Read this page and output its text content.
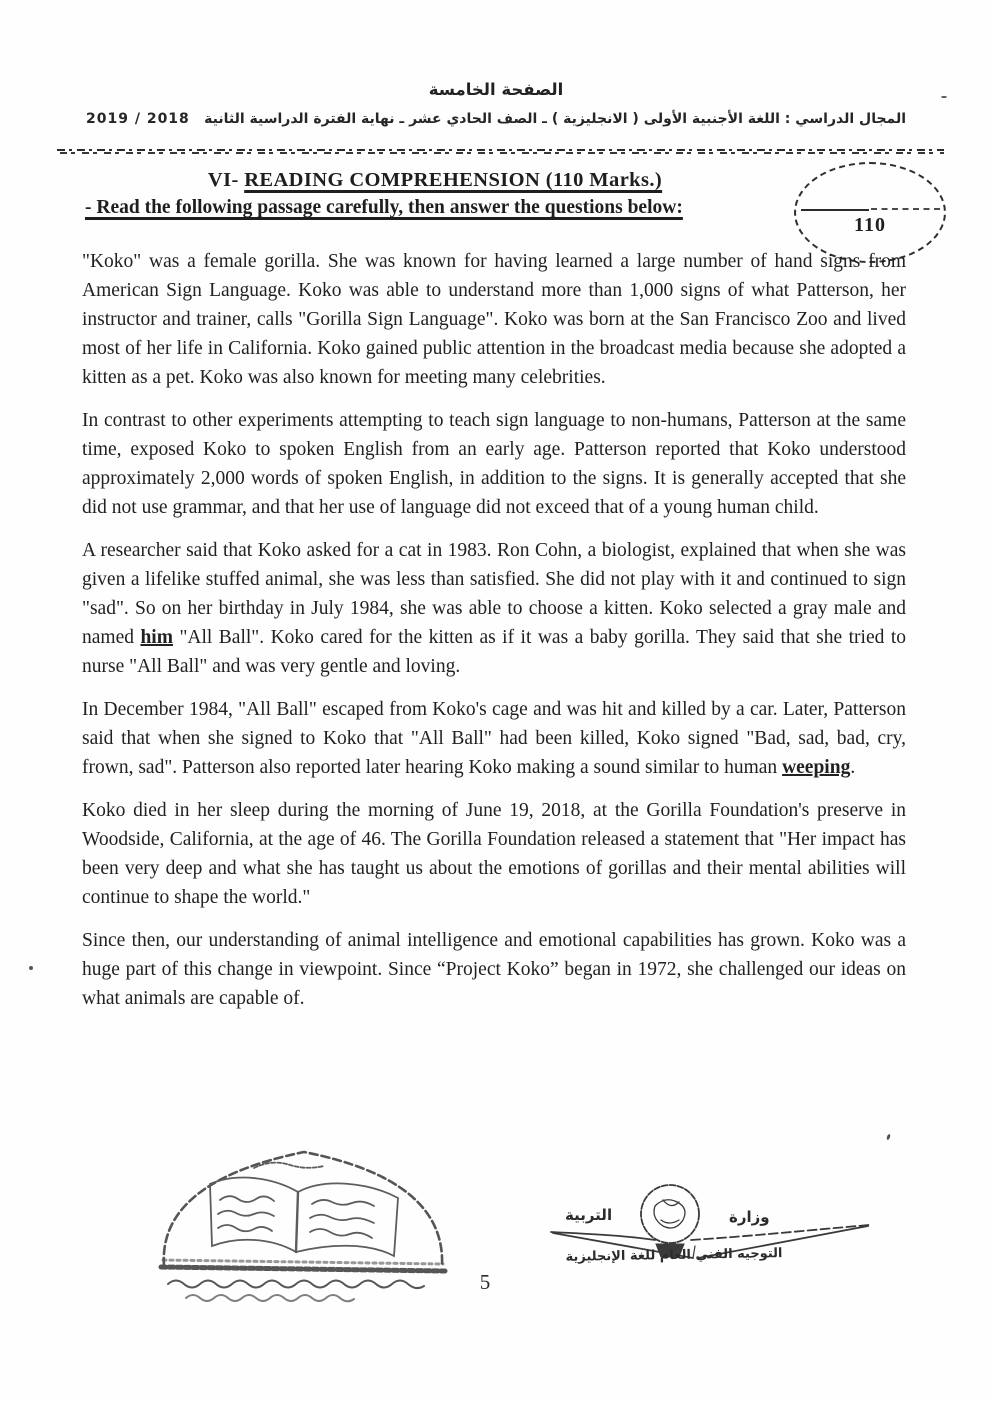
الصفحة الخامسة
2019 / 2018 المجال الدراسي : اللغة الأجنبية الأولى ( الانجليزية ) ـ الصف الحادي عشر ـ نهاية الفترة الدراسية الثانية
110
VI- READING COMPREHENSION (110 Marks.)
- Read the following passage carefully, then answer the questions below:

"Koko" was a female gorilla. She was known for having learned a large number of hand signs from American Sign Language. Koko was able to understand more than 1,000 signs of what Patterson, her instructor and trainer, calls "Gorilla Sign Language". Koko was born at the San Francisco Zoo and lived most of her life in California. Koko gained public attention in the broadcast media because she adopted a kitten as a pet. Koko was also known for meeting many celebrities.

In contrast to other experiments attempting to teach sign language to non-humans, Patterson at the same time, exposed Koko to spoken English from an early age. Patterson reported that Koko understood approximately 2,000 words of spoken English, in addition to the signs. It is generally accepted that she did not use grammar, and that her use of language did not exceed that of a young human child.

A researcher said that Koko asked for a cat in 1983. Ron Cohn, a biologist, explained that when she was given a lifelike stuffed animal, she was less than satisfied. She did not play with it and continued to sign "sad". So on her birthday in July 1984, she was able to choose a kitten. Koko selected a gray male and named him "All Ball". Koko cared for the kitten as if it was a baby gorilla. They said that she tried to nurse "All Ball" and was very gentle and loving.

In December 1984, "All Ball" escaped from Koko's cage and was hit and killed by a car. Later, Patterson said that when she signed to Koko that "All Ball" had been killed, Koko signed "Bad, sad, bad, cry, frown, sad". Patterson also reported later hearing Koko making a sound similar to human weeping.

Koko died in her sleep during the morning of June 19, 2018, at the Gorilla Foundation's preserve in Woodside, California, at the age of 46. The Gorilla Foundation released a statement that "Her impact has been very deep and what she has taught us about the emotions of gorillas and their mental abilities will continue to shape the world."

Since then, our understanding of animal intelligence and emotional capabilities has grown. Koko was a huge part of this change in viewpoint. Since “Project Koko” began in 1972, she challenged our ideas on what animals are capable of.

التربية	وزارة
التوجيه الفني العام للغة الإنجليزية
5
